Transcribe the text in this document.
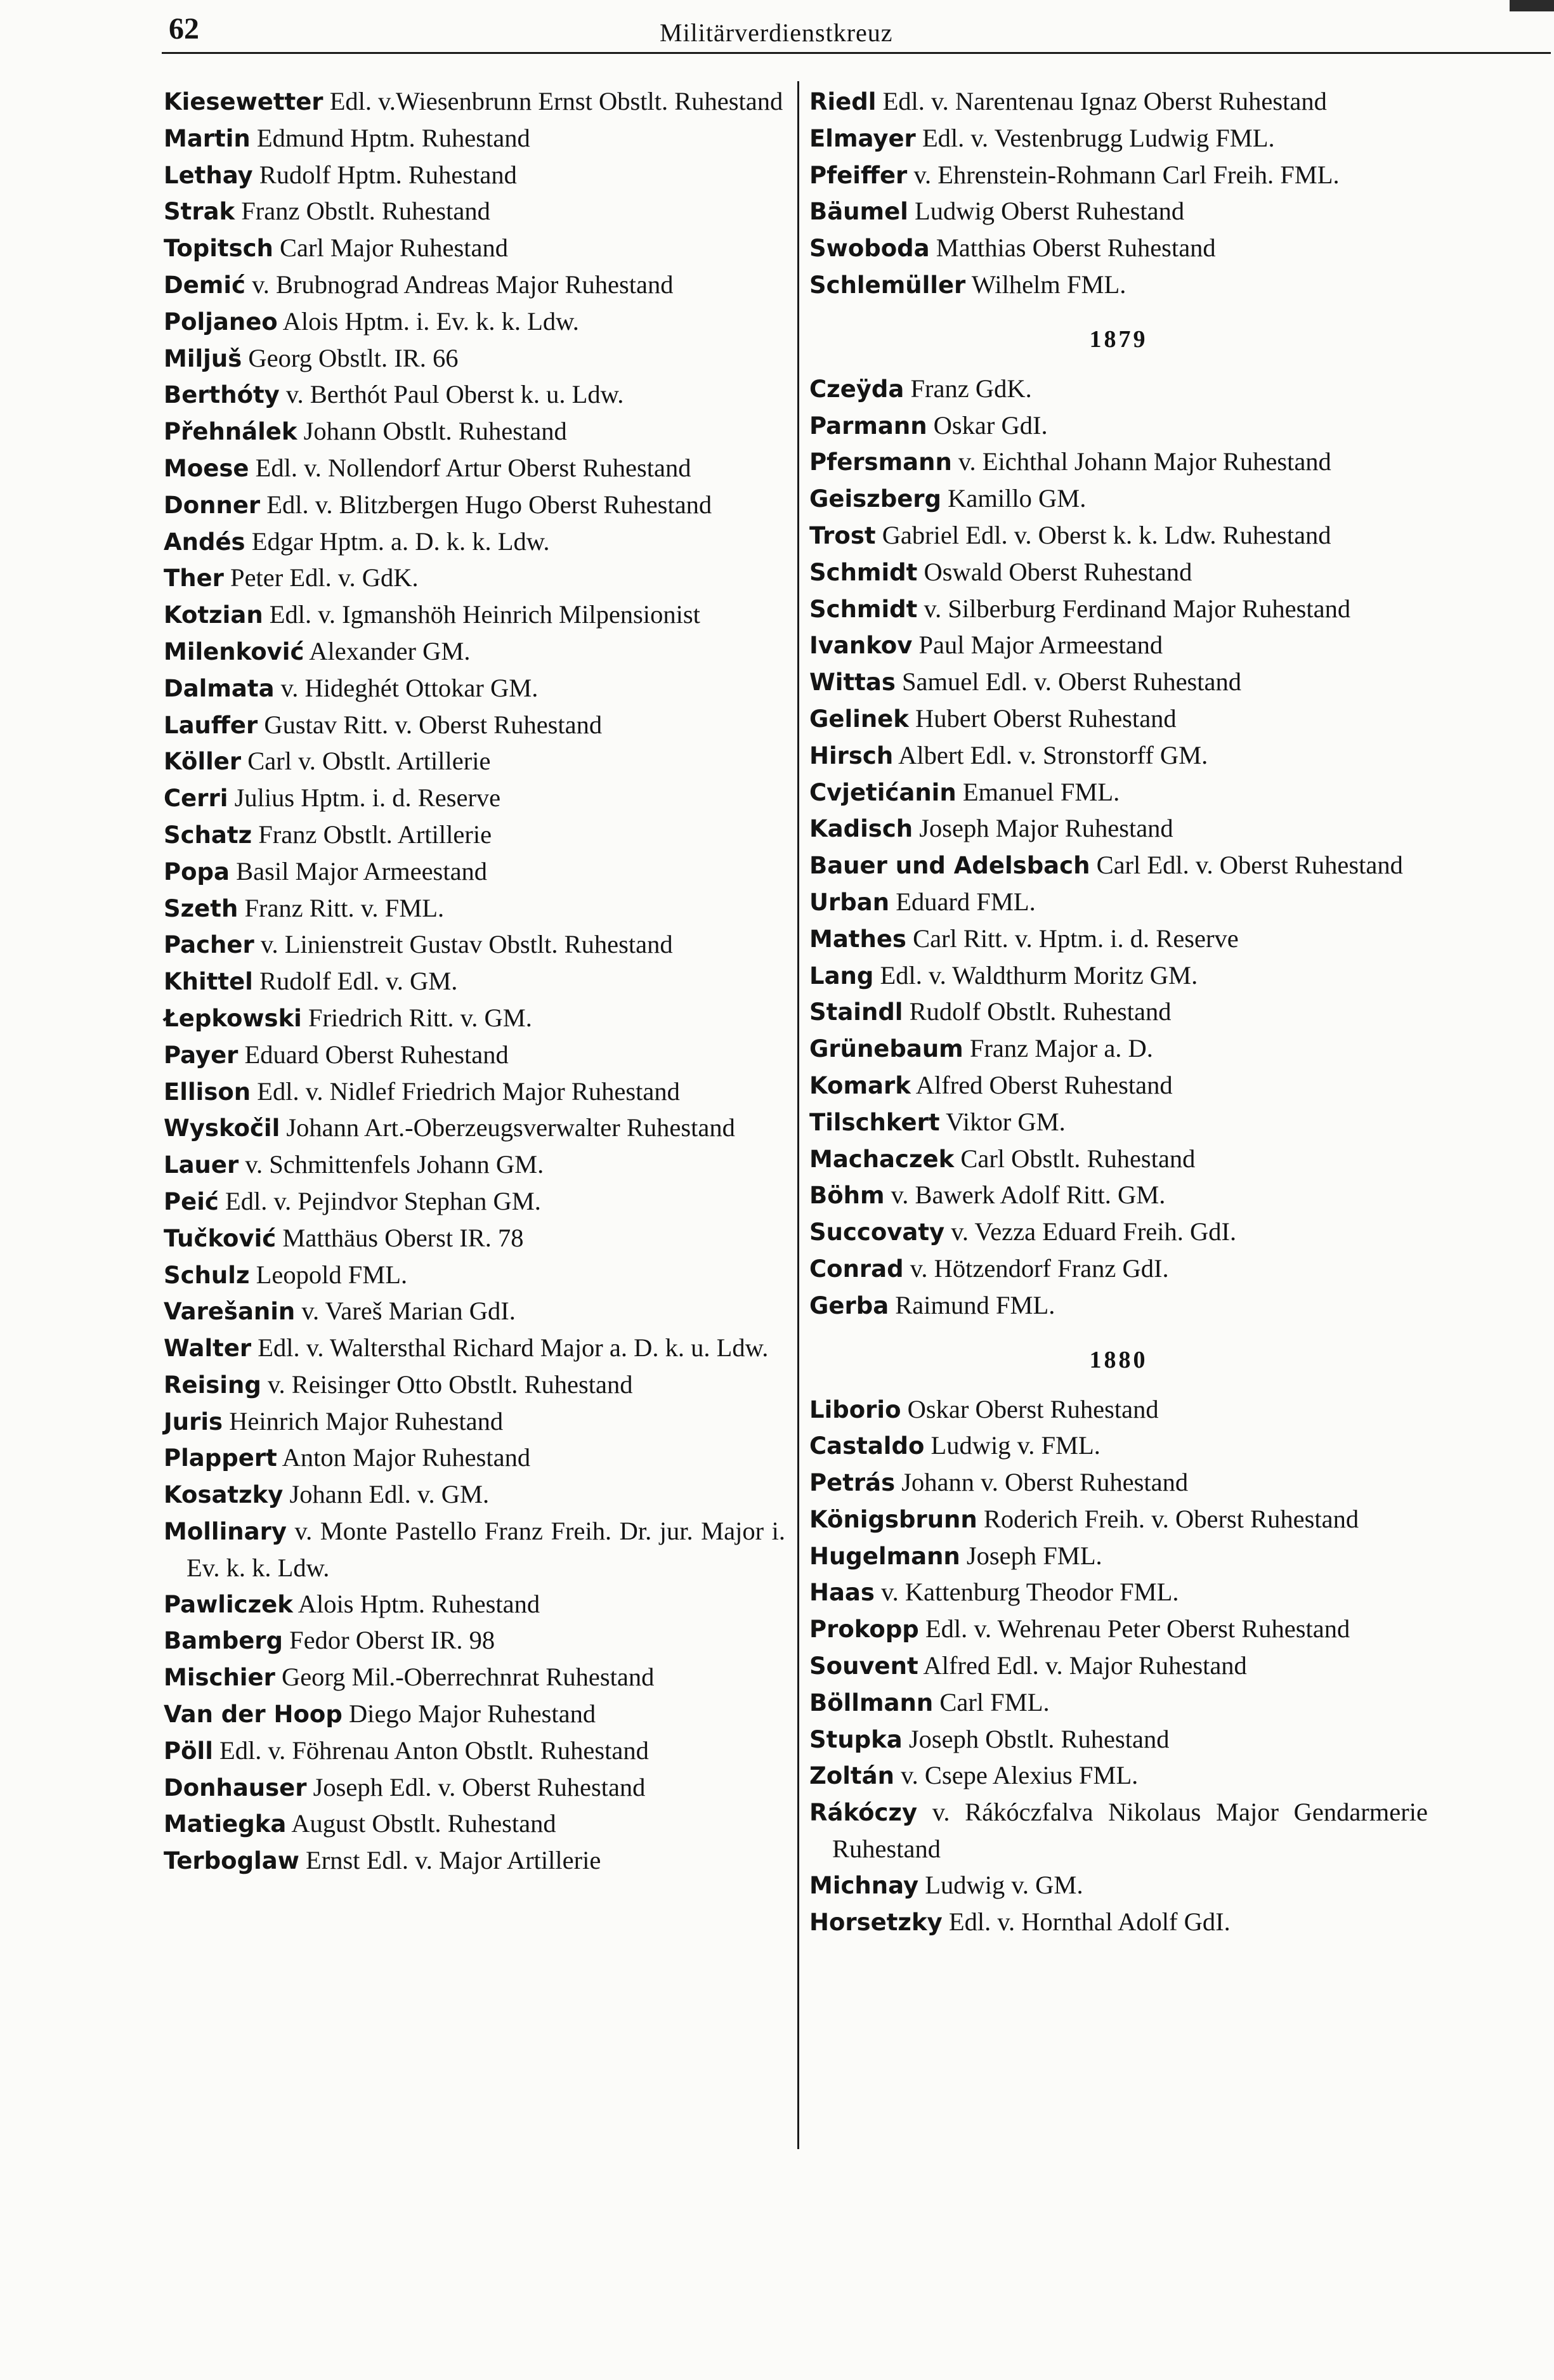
62	Militärverdienstkreuz

Kiesewetter Edl. v.Wiesenbrunn Ernst Obstlt. Ruhestand

Martin Edmund Hptm. Ruhestand

Lethay Rudolf Hptm. Ruhestand

Strak Franz Obstlt. Ruhestand

Topitsch Carl Major Ruhestand

Demić v. Brubnograd Andreas Major Ruhestand

Poljaneo Alois Hptm. i. Ev. k. k. Ldw.

Miljuš Georg Obstlt. IR. 66

Berthóty v. Berthót Paul Oberst k. u. Ldw.

Přehnálek Johann Obstlt. Ruhestand

Moese Edl. v. Nollendorf Artur Oberst Ruhestand

Donner Edl. v. Blitzbergen Hugo Oberst Ruhestand

Andés Edgar Hptm. a. D. k. k. Ldw.

Ther Peter Edl. v. GdK.

Kotzian Edl. v. Igmanshöh Heinrich Milpensionist

Milenković Alexander GM.

Dalmata v. Hideghét Ottokar GM.

Lauffer Gustav Ritt. v. Oberst Ruhestand

Köller Carl v. Obstlt. Artillerie

Cerri Julius Hptm. i. d. Reserve

Schatz Franz Obstlt. Artillerie

Popa Basil Major Armeestand

Szeth Franz Ritt. v. FML.

Pacher v. Linienstreit Gustav Obstlt. Ruhestand

Khittel Rudolf Edl. v. GM.

Łepkowski Friedrich Ritt. v. GM.

Payer Eduard Oberst Ruhestand

Ellison Edl. v. Nidlef Friedrich Major Ruhestand

Wyskočil Johann Art.-Oberzeugsverwalter Ruhestand

Lauer v. Schmittenfels Johann GM.

Peić Edl. v. Pejindvor Stephan GM.

Tučković Matthäus Oberst IR. 78

Schulz Leopold FML.

Varešanin v. Vareš Marian GdI.

Walter Edl. v. Waltersthal Richard Major a. D. k. u. Ldw.

Reising v. Reisinger Otto Obstlt. Ruhestand

Juris Heinrich Major Ruhestand

Plappert Anton Major Ruhestand

Kosatzky Johann Edl. v. GM.

Mollinary v. Monte Pastello Franz Freih. Dr. jur. Major i. Ev. k. k. Ldw.

Pawliczek Alois Hptm. Ruhestand

Bamberg Fedor Oberst IR. 98

Mischier Georg Mil.-Oberrechnrat Ruhestand

Van der Hoop Diego Major Ruhestand

Pöll Edl. v. Föhrenau Anton Obstlt. Ruhestand

Donhauser Joseph Edl. v. Oberst Ruhestand

Matiegka August Obstlt. Ruhestand

Terboglaw Ernst Edl. v. Major Artillerie

Riedl Edl. v. Narentenau Ignaz Oberst Ruhestand

Elmayer Edl. v. Vestenbrugg Ludwig FML.

Pfeiffer v. Ehrenstein-Rohmann Carl Freih. FML.

Bäumel Ludwig Oberst Ruhestand

Swoboda Matthias Oberst Ruhestand

Schlemüller Wilhelm FML.

1879

Czeÿda Franz GdK.

Parmann Oskar GdI.

Pfersmann v. Eichthal Johann Major Ruhestand

Geiszberg Kamillo GM.

Trost Gabriel Edl. v. Oberst k. k. Ldw. Ruhestand

Schmidt Oswald Oberst Ruhestand

Schmidt v. Silberburg Ferdinand Major Ruhestand

Ivankov Paul Major Armeestand

Wittas Samuel Edl. v. Oberst Ruhestand

Gelinek Hubert Oberst Ruhestand

Hirsch Albert Edl. v. Stronstorff GM.

Cvjetićanin Emanuel FML.

Kadisch Joseph Major Ruhestand

Bauer und Adelsbach Carl Edl. v. Oberst Ruhestand

Urban Eduard FML.

Mathes Carl Ritt. v. Hptm. i. d. Reserve

Lang Edl. v. Waldthurm Moritz GM.

Staindl Rudolf Obstlt. Ruhestand

Grünebaum Franz Major a. D.

Komark Alfred Oberst Ruhestand

Tilschkert Viktor GM.

Machaczek Carl Obstlt. Ruhestand

Böhm v. Bawerk Adolf Ritt. GM.

Succovaty v. Vezza Eduard Freih. GdI.

Conrad v. Hötzendorf Franz GdI.

Gerba Raimund FML.

1880

Liborio Oskar Oberst Ruhestand

Castaldo Ludwig v. FML.

Petrás Johann v. Oberst Ruhestand

Königsbrunn Roderich Freih. v. Oberst Ruhestand

Hugelmann Joseph FML.

Haas v. Kattenburg Theodor FML.

Prokopp Edl. v. Wehrenau Peter Oberst Ruhestand

Souvent Alfred Edl. v. Major Ruhestand

Böllmann Carl FML.

Stupka Joseph Obstlt. Ruhestand

Zoltán v. Csepe Alexius FML.

Rákóczy v. Rákóczfalva Nikolaus Major Gendarmerie Ruhestand

Michnay Ludwig v. GM.

Horsetzky Edl. v. Hornthal Adolf GdI.
